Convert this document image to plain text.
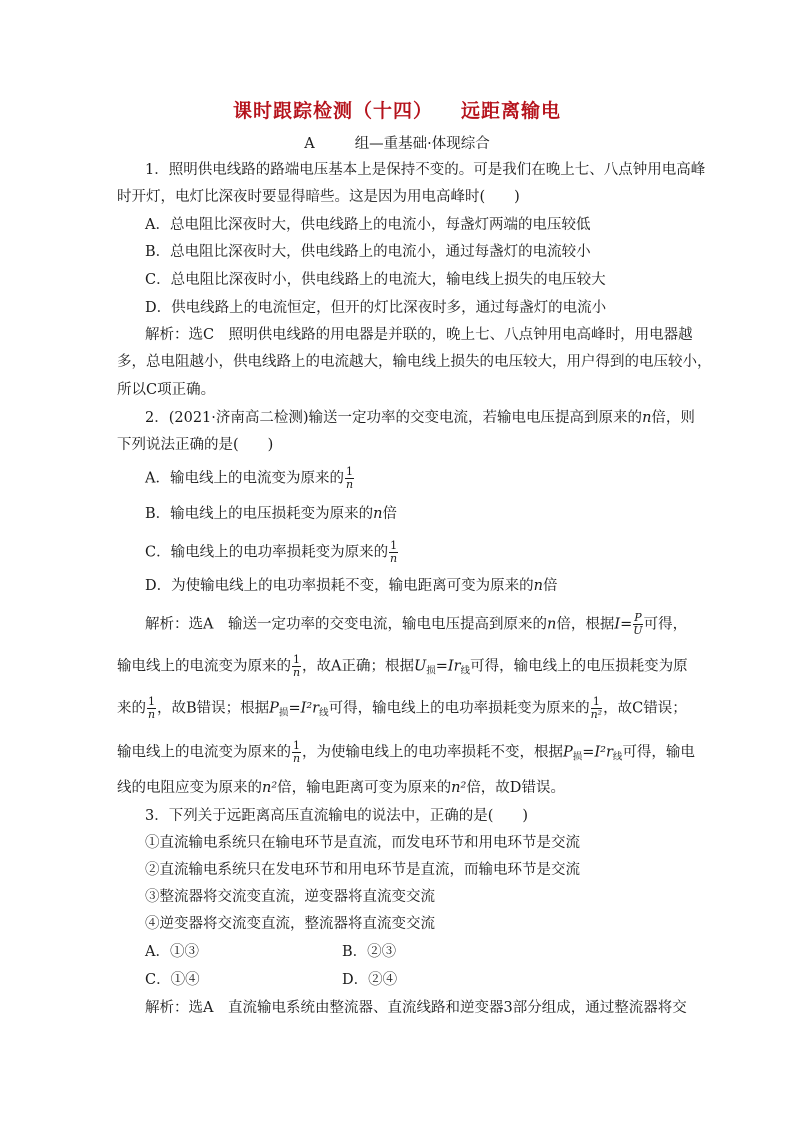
课时跟踪检测（十四） 远距离输电
A	组—重基础·体现综合
1．照明供电线路的路端电压基本上是保持不变的。可是我们在晚上七、八点钟用电高峰
时开灯，电灯比深夜时要显得暗些。这是因为用电高峰时(　　)
A．总电阻比深夜时大，供电线路上的电流小，每盏灯两端的电压较低
B．总电阻比深夜时大，供电线路上的电流小，通过每盏灯的电流较小
C．总电阻比深夜时小，供电线路上的电流大，输电线上损失的电压较大
D．供电线路上的电流恒定，但开的灯比深夜时多，通过每盏灯的电流小
解析：选C　照明供电线路的用电器是并联的，晚上七、八点钟用电高峰时，用电器越
多，总电阻越小，供电线路上的电流越大，输电线上损失的电压较大，用户得到的电压较小，
所以C项正确。
2．(2021·济南高二检测)输送一定功率的交变电流，若输电电压提高到原来的n倍，则
下列说法正确的是(　　)
A．输电线上的电流变为原来的 $\frac{1}{n}$
B．输电线上的电压损耗变为原来的n倍
C．输电线上的电功率损耗变为原来的 $\frac{1}{n}$
D．为使输电线上的电功率损耗不变，输电距离可变为原来的n倍
解析：选A　输送一定功率的交变电流，输电电压提高到原来的n倍，根据$I= \frac{P}{U}$ 可得，
输电线上的电流变为原来的 $\frac{1}{n}$ ，故A正确；根据$U_损=Ir_线$可得，输电线上的电压损耗变为原
来的 $\frac{1}{n}$ ，故B错误；根据$P_损=I^2r_线$可得，输电线上的电功率损耗变为原来的 $\frac{1}{\text{n²}}$ ，故C错误；
输电线上的电流变为原来的 $\frac{1}{n}$ ，为使输电线上的电功率损耗不变，根据$P_损=I^2r_线$可得，输电
线的电阻应变为原来的n²倍，输电距离可变为原来的n²倍，故D错误。
3．下列关于远距离高压直流输电的说法中，正确的是(　　)
①直流输电系统只在输电环节是直流，而发电环节和用电环节是交流
②直流输电系统只在发电环节和用电环节是直流，而输电环节是交流
③整流器将交流变直流，逆变器将直流变交流
④逆变器将交流变直流，整流器将直流变交流
A．①③	B．②③
C．①④	D．②④
解析：选A　直流输电系统由整流器、直流线路和逆变器3部分组成，通过整流器将交
